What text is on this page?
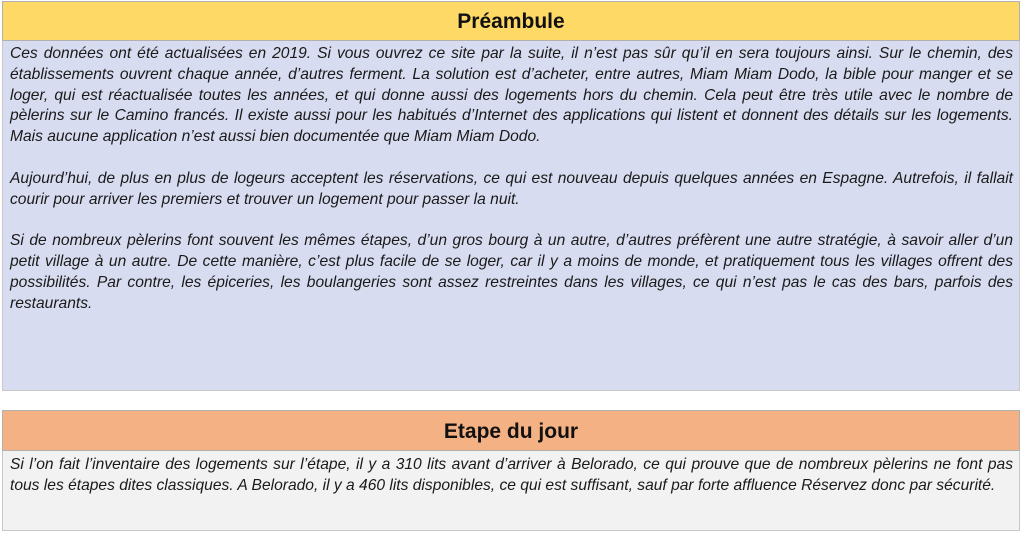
Préambule

Ces données ont été actualisées en 2019. Si vous ouvrez ce site par la suite, il n’est pas sûr qu’il en sera toujours ainsi. Sur le chemin, des établissements ouvrent chaque année, d’autres ferment. La solution est d’acheter, entre autres, Miam Miam Dodo, la bible pour manger et se loger, qui est réactualisée toutes les années, et qui donne aussi des logements hors du chemin. Cela peut être très utile avec le nombre de pèlerins sur le Camino francés. Il existe aussi pour les habitués d’Internet des applications qui listent et donnent des détails sur les logements. Mais aucune application n’est aussi bien documentée que Miam Miam Dodo.

Aujourd’hui, de plus en plus de logeurs acceptent les réservations, ce qui est nouveau depuis quelques années en Espagne. Autrefois, il fallait courir pour arriver les premiers et trouver un logement pour passer la nuit.

Si de nombreux pèlerins font souvent les mêmes étapes, d’un gros bourg à un autre, d’autres préfèrent une autre stratégie, à savoir aller d’un petit village à un autre. De cette manière, c’est plus facile de se loger, car il y a moins de monde, et pratiquement tous les villages offrent des possibilités. Par contre, les épiceries, les boulangeries sont assez restreintes dans les villages, ce qui n’est pas le cas des bars, parfois des restaurants.

Etape du jour

Si l’on fait l’inventaire des logements sur l’étape, il y a 310 lits avant d’arriver à Belorado, ce qui prouve que de nombreux pèlerins ne font pas tous les étapes dites classiques. A Belorado, il y a 460 lits disponibles, ce qui est suffisant, sauf par forte affluence Réservez donc par sécurité.
